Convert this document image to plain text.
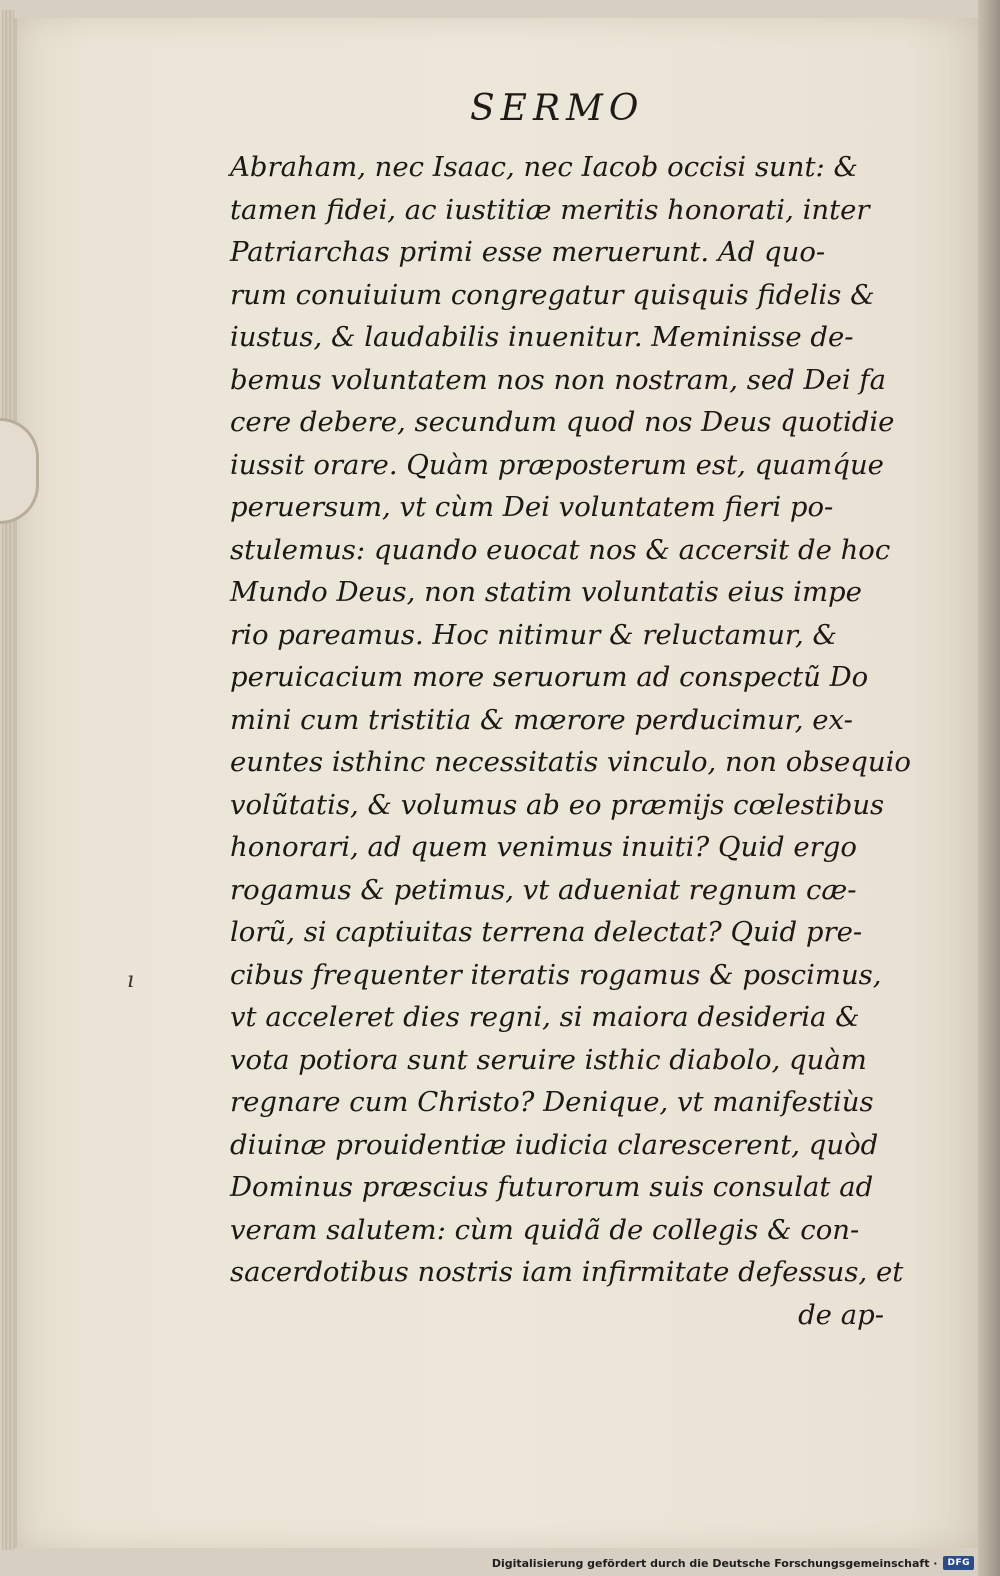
SERMO
Abraham, nec Isaac, nec Iacob occisi sunt: &
tamen fidei, ac iustitiæ meritis honorati, inter
Patriarchas primi esse meruerunt. Ad quo-
rum conuiuium congregatur quisquis fidelis &
iustus, & laudabilis inuenitur. Meminisse de-
bemus voluntatem nos non nostram, sed Dei fa
cere debere, secundum quod nos Deus quotidie
iussit orare. Quàm præposterum est, quamq́ue
peruersum, vt cùm Dei voluntatem fieri po-
stulemus: quando euocat nos & accersit de hoc
Mundo Deus, non statim voluntatis eius impe
rio pareamus. Hoc nitimur & reluctamur, &
peruicacium more seruorum ad conspectũ Do
mini cum tristitia & mœrore perducimur, ex-
euntes isthinc necessitatis vinculo, non obsequio
volũtatis, & volumus ab eo præmijs cœlestibus
honorari, ad quem venimus inuiti? Quid ergo
rogamus & petimus, vt adueniat regnum cæ-
lorũ, si captiuitas terrena delectat? Quid pre-
cibus frequenter iteratis rogamus & poscimus,
vt acceleret dies regni, si maiora desideria &
vota potiora sunt seruire isthic diabolo, quàm
regnare cum Christo? Denique, vt manifestiùs
diuinæ prouidentiæ iudicia clarescerent, quòd
Dominus præscius futurorum suis consulat ad
veram salutem: cùm quidã de collegis & con-
sacerdotibus nostris iam infirmitate defessus, et
de ap-
ı
Digitalisierung gefördert durch die Deutsche Forschungsgemeinschaft ·	DFG
